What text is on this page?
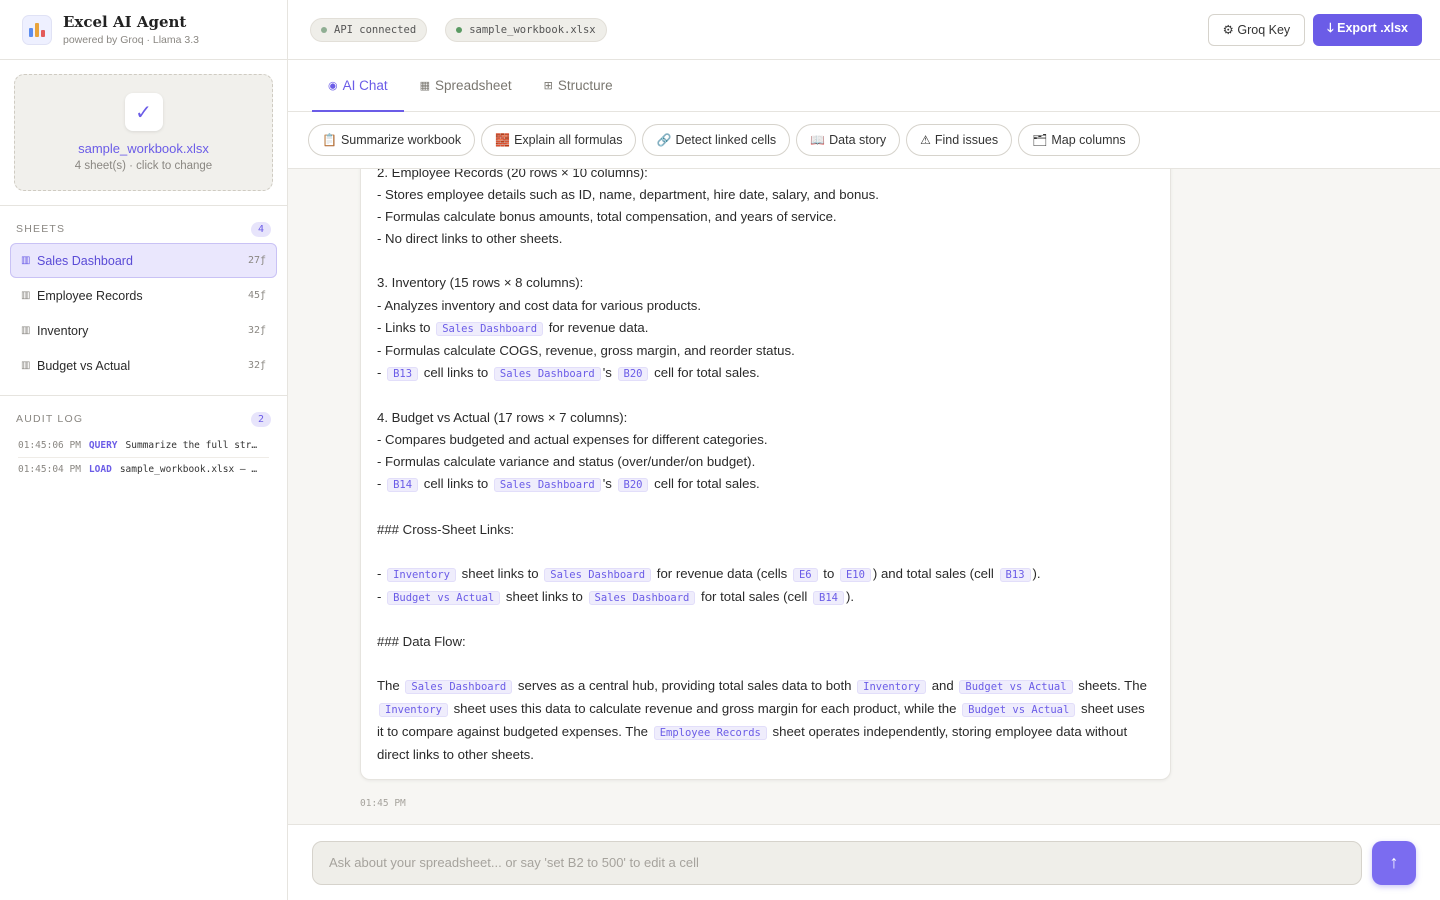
Excel AI Agent
powered by Groq · Llama 3.3
✓
sample_workbook.xlsx
4 sheet(s) · click to change
SHEETS	4
▥ Sales Dashboard	27ƒ
▥ Employee Records	45ƒ
▥ Inventory	32ƒ
▥ Budget vs Actual	32ƒ
AUDIT LOG	2
01:45:06 PM QUERY Summarize the full str…
01:45:04 PM LOAD sample_workbook.xlsx — …
API connected	sample_workbook.xlsx	⚙ Groq Key	🡓 Export .xlsx
◉ AI Chat	▦ Spreadsheet	⊞ Structure
📋 Summarize workbook	🧱 Explain all formulas	🔗 Detect linked cells	📖 Data story	⚠ Find issues	🗂 Map columns

2. Employee Records (20 rows × 10 columns):

- Stores employee details such as ID, name, department, hire date, salary, and bonus.

- Formulas calculate bonus amounts, total compensation, and years of service.

- No direct links to other sheets.

3. Inventory (15 rows × 8 columns):

- Analyzes inventory and cost data for various products.

- Links to Sales Dashboard for revenue data.

- Formulas calculate COGS, revenue, gross margin, and reorder status.

- B13 cell links to Sales Dashboard 's B20 cell for total sales.

4. Budget vs Actual (17 rows × 7 columns):

- Compares budgeted and actual expenses for different categories.

- Formulas calculate variance and status (over/under/on budget).

- B14 cell links to Sales Dashboard 's B20 cell for total sales.

### Cross-Sheet Links:

- Inventory sheet links to Sales Dashboard for revenue data (cells E6 to E10 ) and total sales (cell B13 ).

- Budget vs Actual sheet links to Sales Dashboard for total sales (cell B14 ).

### Data Flow:

The Sales Dashboard serves as a central hub, providing total sales data to both Inventory and Budget vs Actual sheets. The Inventory sheet uses this data to calculate revenue and gross margin for each product, while the Budget vs Actual sheet uses it to compare against budgeted expenses. The Employee Records sheet operates independently, storing employee data without direct links to other sheets.

01:45 PM
Ask about your spreadsheet... or say 'set B2 to 500' to edit a cell
↑
